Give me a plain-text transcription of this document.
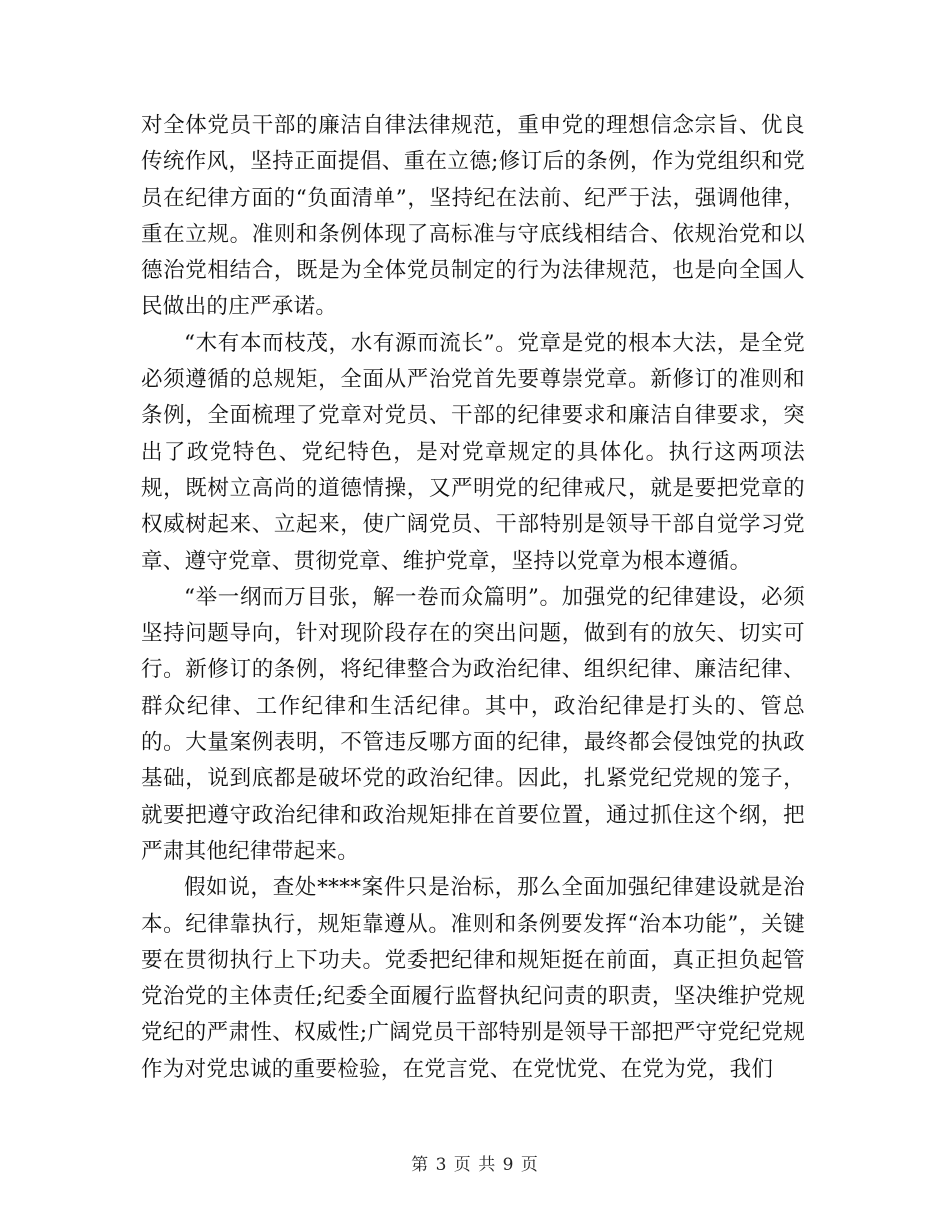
对全体党员干部的廉洁自律法律规范，重申党的理想信念宗旨、优良传统作风，坚持正面提倡、重在立德;修订后的条例，作为党组织和党员在纪律方面的“负面清单”，坚持纪在法前、纪严于法，强调他律，重在立规。准则和条例体现了高标准与守底线相结合、依规治党和以德治党相结合，既是为全体党员制定的行为法律规范，也是向全国人民做出的庄严承诺。

“木有本而枝茂，水有源而流长”。党章是党的根本大法，是全党必须遵循的总规矩，全面从严治党首先要尊崇党章。新修订的准则和条例，全面梳理了党章对党员、干部的纪律要求和廉洁自律要求，突出了政党特色、党纪特色，是对党章规定的具体化。执行这两项法规，既树立高尚的道德情操，又严明党的纪律戒尺，就是要把党章的权威树起来、立起来，使广阔党员、干部特别是领导干部自觉学习党章、遵守党章、贯彻党章、维护党章，坚持以党章为根本遵循。

“举一纲而万目张，解一卷而众篇明”。加强党的纪律建设，必须坚持问题导向，针对现阶段存在的突出问题，做到有的放矢、切实可行。新修订的条例，将纪律整合为政治纪律、组织纪律、廉洁纪律、群众纪律、工作纪律和生活纪律。其中，政治纪律是打头的、管总的。大量案例表明，不管违反哪方面的纪律，最终都会侵蚀党的执政基础，说到底都是破坏党的政治纪律。因此，扎紧党纪党规的笼子，就要把遵守政治纪律和政治规矩排在首要位置，通过抓住这个纲，把严肃其他纪律带起来。

假如说，查处****案件只是治标，那么全面加强纪律建设就是治本。纪律靠执行，规矩靠遵从。准则和条例要发挥“治本功能”，关键要在贯彻执行上下功夫。党委把纪律和规矩挺在前面，真正担负起管党治党的主体责任;纪委全面履行监督执纪问责的职责，坚决维护党规党纪的严肃性、权威性;广阔党员干部特别是领导干部把严守党纪党规作为对党忠诚的重要检验，在党言党、在党忧党、在党为党，我们

第 3 页 共 9 页
